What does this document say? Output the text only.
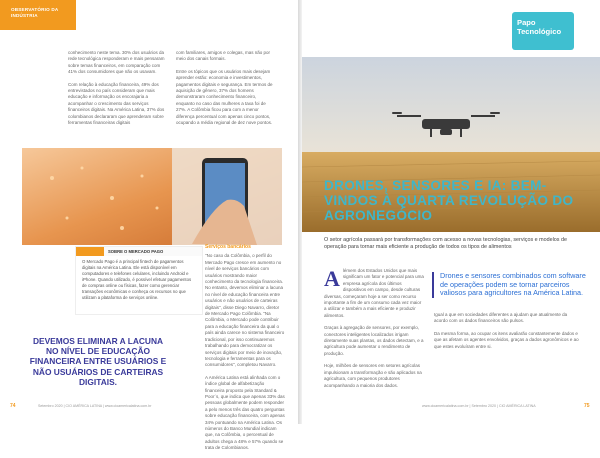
OBSERVATÓRIO DA INDÚSTRIA

conhecimento neste tema. 30% dos usuários da rede tecnológica responderam e mais pensaram sobre temas financeiros, em comparação com 41% dos consumidores que não os usavam.

Com relação à educação financeira, 49% dos entrevistados no país consideram que mais educação e informação os encorajaria a acompanhar o crescimento das serviços financeiros digitais. Na América Latina, 37% dos colombianos declararam que aprenderam sobre ferramentas financeiras digitais

com familiares, amigos e colegas, mas não por meio dos canais formais.

Entre os tópicos que os usuários mais desejam aprender estão: economia e investimentos, pagamentos digitais e segurança. Em termos de aquisição de gênero, 37% dos homens demonstraram conhecimento financeiro, enquanto no caso das mulheres a taxa foi de 27%. A Colômbia ficou para com a menor diferença percentual com apenas cinco pontos, ocupando a média regional de dez nove pontos.

SOBRE O MERCADO PAGO
O Mercado Pago é a principal fintech de pagamentos digitais na América Latina. Ele está disponível em computadores e telefones celulares, incluindo Android e iPhone. Quando utilizado, é possível efetuar pagamentos de compras online ou físicas, fazer como gerenciar transações econômicas e conheça os recursos no que utilizam a plataforma de serviços online.
Serviços bancários

"No caso da Colômbia, o perfil do Mercado Pago cresce em aumento no nível de serviços bancários com usuários mostrando maior conhecimento da tecnologia financeira. No entanto, devemos eliminar a lacuna no nível de educação financeira entre usuários e não usuários de carteiras digitais", disse Diego Navarro, diretor de Mercado Pago Colômbia. "Na Colômbia, o Mercado pode contribuir para a educação financeira da qual o país ainda carece no sistema financeiro tradicional, por isso continuaremos trabalhando para democratizar os serviços digitais por meio de inovação, tecnologia e ferramentas para os consumidores", completou Navarro.

A América Latina está alinhada com o índice global de alfabetização financeira proposto pela Standard & Poor´s, que indica que apenas 33% das pessoas globalmente podem responder a pelo menos três das quatro perguntas sobre educação financeira, com apenas 34% pontuando na América Latina. Os números do Banco Mundial indicam que, na Colômbia, o percentual de adultos chega a 48% e 57% quando se trata de Colombianos.

DEVEMOS ELIMINAR A LACUNA NO NÍVEL DE EDUCAÇÃO FINANCEIRA ENTRE USUÁRIOS E NÃO USUÁRIOS DE CARTEIRAS DIGITAIS.
74	Setembro 2020 | CIO AMÉRICA LATINA | www.cioamericalatina.com.br
Papo Tecnológico
DRONES, SENSORES E IA: BEM-VINDOS À QUARTA REVOLUÇÃO DO AGRONEGÓCIO
O setor agrícola passará por transformações com acesso a novas tecnologias, serviços e modelos de operação para tornar mais eficiente a produção de todos os tipos de alimentos

Alémem dos Estados Unidos que mais significam um fator e potencial para uma empresa agrícola dos últimos dispositivos em campo, desde culturas diversas, começaram hoje a ser como recurso importante a fim de um consumo cada vez maior a utilizar e também a mais eficiente e produzir alimentos.

Graças à agregação de sensores, por exemplo, conectores inteligentes localizados irrigam diretamente suas plantas, os dados detectam, e a agricultura pode aumentar o rendimento de produção.

Hoje, milhões de sensores em setores agrícolas impulsionam a transformação e são aplicados na agricultura, com pequenos produtores acompanhando a maioria dos dados.

Drones e sensores combinados com software de operações podem se tornar parceiros valiosos para agricultores na América Latina.

Igual a que em sociedades diferentes a ajudam que atualmente da acordo com os dados financeiros são pulsos.

Da mesma forma, ao ocupar os itens avaliarão constantemente dados e que as afetam os agentes envolvidos, graças a dados agronômicos e ao que estes evoluíram entre si.

www.cioamericalatina.com.br | Setembro 2020 | CIO AMÉRICA LATINA	75
